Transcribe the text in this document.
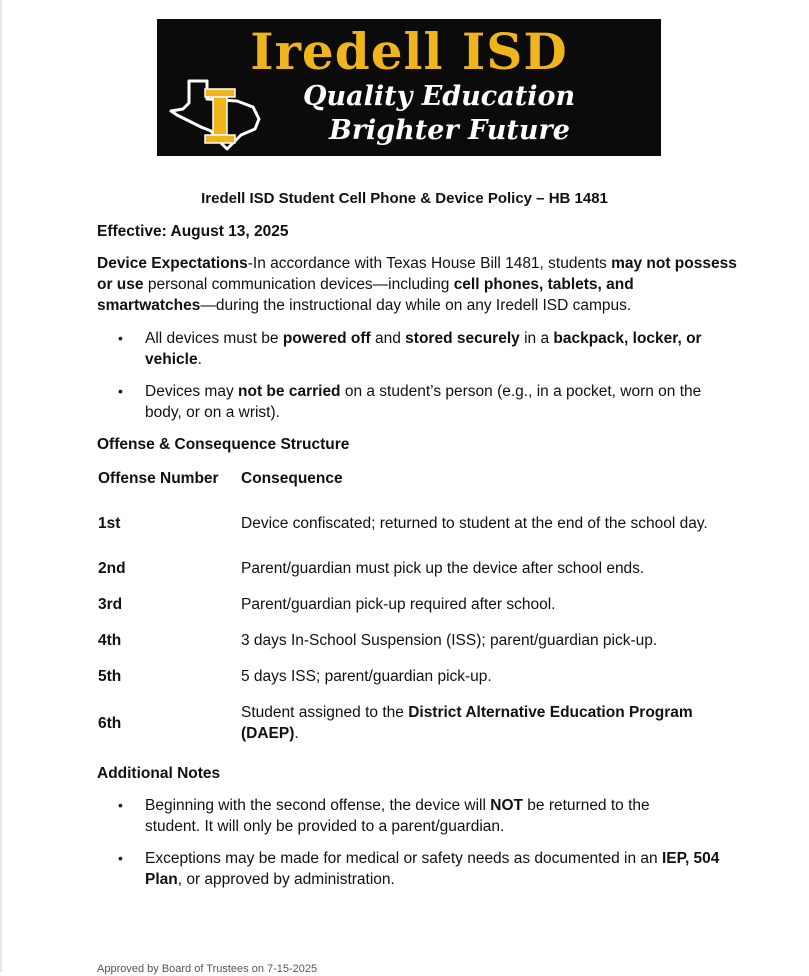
Iredell ISD
Quality Education
Brighter Future
Iredell ISD Student Cell Phone & Device Policy – HB 1481
Effective: August 13, 2025
Device Expectations-In accordance with Texas House Bill 1481, students may not possess or use personal communication devices—including cell phones, tablets, and smartwatches—during the instructional day while on any Iredell ISD campus.
• All devices must be powered off and stored securely in a backpack, locker, or vehicle.
• Devices may not be carried on a student’s person (e.g., in a pocket, worn on the body, or on a wrist).
Offense & Consequence Structure
Offense Number	Consequence
1st	Device confiscated; returned to student at the end of the school day.
2nd	Parent/guardian must pick up the device after school ends.
3rd	Parent/guardian pick-up required after school.
4th	3 days In-School Suspension (ISS); parent/guardian pick-up.
5th	5 days ISS; parent/guardian pick-up.
6th	Student assigned to the District Alternative Education Program (DAEP).
Additional Notes
• Beginning with the second offense, the device will NOT be returned to the student. It will only be provided to a parent/guardian.
• Exceptions may be made for medical or safety needs as documented in an IEP, 504 Plan, or approved by administration.
Approved by Board of Trustees on 7-15-2025
